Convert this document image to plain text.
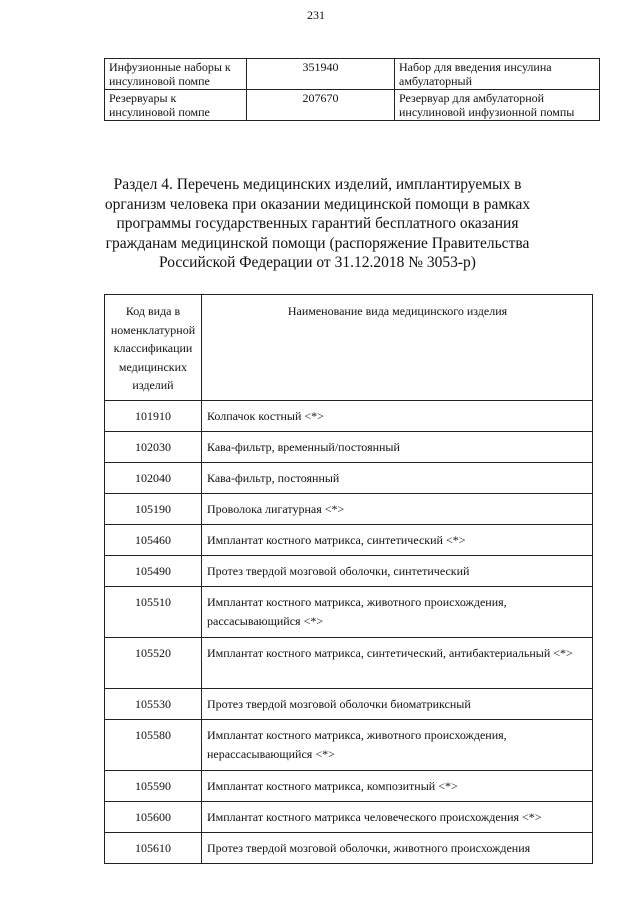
231
Инфузионные наборы к инсулиновой помпе	351940	Набор для введения инсулина амбулаторный
Резервуары к инсулиновой помпе	207670	Резервуар для амбулаторной инсулиновой инфузионной помпы
Раздел 4. Перечень медицинских изделий, имплантируемых в организм человека при оказании медицинской помощи в рамках программы государственных гарантий бесплатного оказания гражданам медицинской помощи (распоряжение Правительства Российской Федерации от 31.12.2018 № 3053-р)
Код вида в номенклатурной классификации медицинских изделий	Наименование вида медицинского изделия
101910	Колпачок костный <*>
102030	Кава-фильтр, временный/постоянный
102040	Кава-фильтр, постоянный
105190	Проволока лигатурная <*>
105460	Имплантат костного матрикса, синтетический <*>
105490	Протез твердой мозговой оболочки, синтетический
105510	Имплантат костного матрикса, животного происхождения, рассасывающийся <*>
105520	Имплантат костного матрикса, синтетический, антибактериальный <*>
105530	Протез твердой мозговой оболочки биоматриксный
105580	Имплантат костного матрикса, животного происхождения, нерассасывающийся <*>
105590	Имплантат костного матрикса, композитный <*>
105600	Имплантат костного матрикса человеческого происхождения <*>
105610	Протез твердой мозговой оболочки, животного происхождения
